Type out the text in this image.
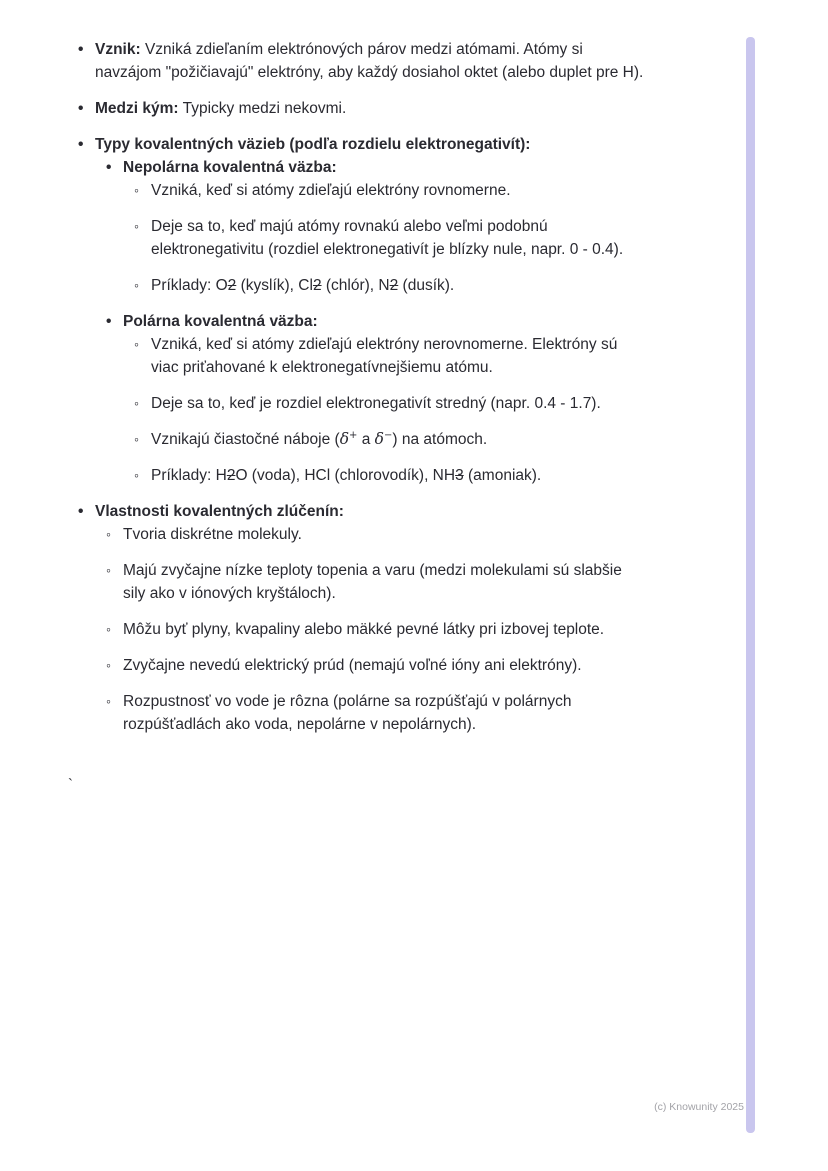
• Vznik: Vzniká zdieľaním elektrónových párov medzi atómami. Atómy si navzájom "požičiavajú" elektróny, aby každý dosiahol oktet (alebo duplet pre H).
• Medzi kým: Typicky medzi nekovmi.
• Typy kovalentných väzieb (podľa rozdielu elektronegativít):
• Nepolárna kovalentná väzba:
◦ Vzniká, keď si atómy zdieľajú elektróny rovnomerne.
◦ Deje sa to, keď majú atómy rovnakú alebo veľmi podobnú elektronegativitu (rozdiel elektronegativít je blízky nule, napr. 0 - 0.4).
◦ Príklady: O2 (kyslík), Cl2 (chlór), N2 (dusík).
• Polárna kovalentná väzba:
◦ Vzniká, keď si atómy zdieľajú elektróny nerovnomerne. Elektróny sú viac priťahované k elektronegatívnejšiemu atómu.
◦ Deje sa to, keď je rozdiel elektronegativít stredný (napr. 0.4 - 1.7).
◦ Vznikajú čiastočné náboje (δ+ a δ−) na atómoch.
◦ Príklady: H2O (voda), HCl (chlorovodík), NH3 (amoniak).
• Vlastnosti kovalentných zlúčenín:
◦ Tvoria diskrétne molekuly.
◦ Majú zvyčajne nízke teploty topenia a varu (medzi molekulami sú slabšie sily ako v iónových kryštáloch).
◦ Môžu byť plyny, kvapaliny alebo mäkké pevné látky pri izbovej teplote.
◦ Zvyčajne nevedú elektrický prúd (nemajú voľné ióny ani elektróny).
◦ Rozpustnosť vo vode je rôzna (polárne sa rozpúšťajú v polárnych rozpúšťadlách ako voda, nepolárne v nepolárnych).
`
(c) Knowunity 2025
